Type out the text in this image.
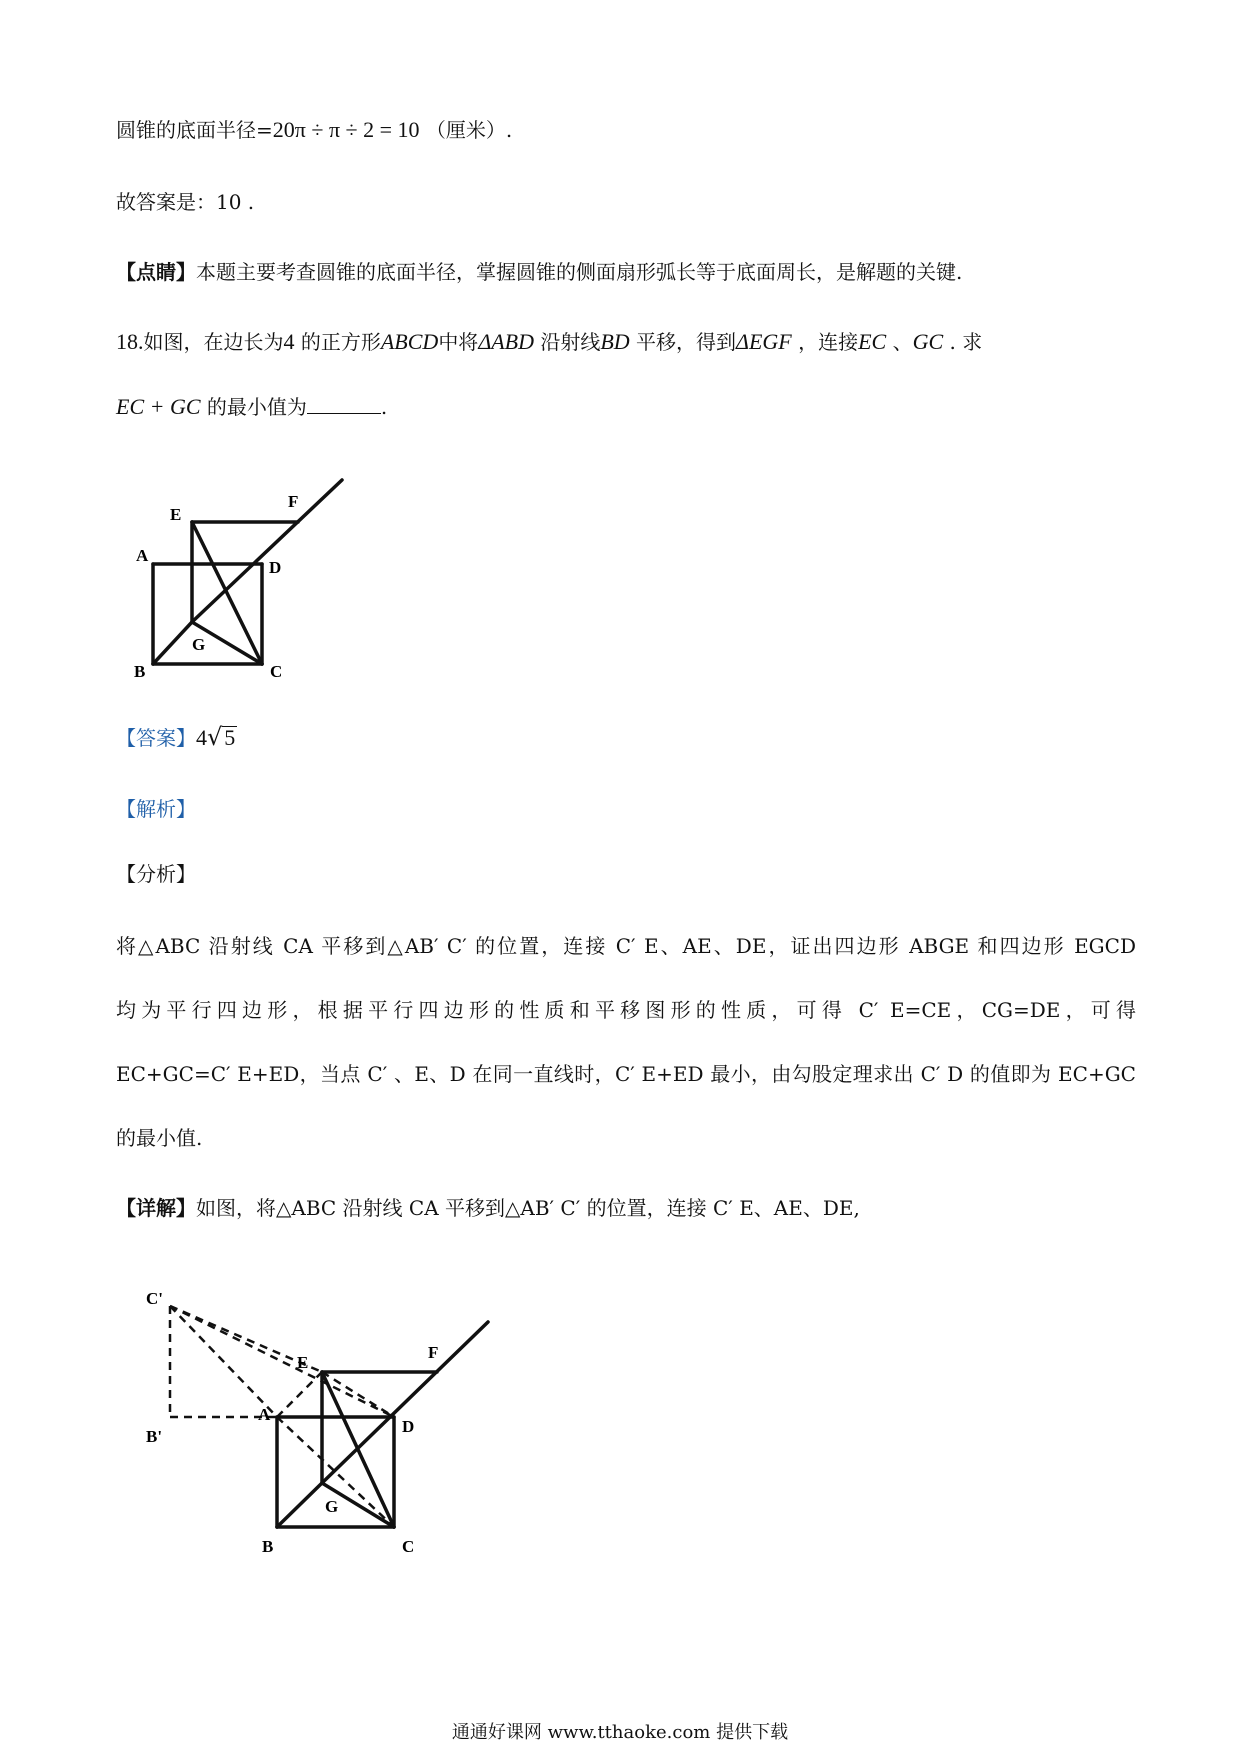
圆锥的底面半径=20π ÷ π ÷ 2 = 10 （厘米）.
故答案是：10 .
【点睛】本题主要考查圆锥的底面半径，掌握圆锥的侧面扇形弧长等于底面周长，是解题的关键.
18.如图，在边长为4 的正方形ABCD中将ΔABD 沿射线BD 平移，得到ΔEGF ，连接EC 、GC . 求
EC + GC 的最小值为	.
A
B	C
D
E
F
G
【答案】4√5
【解析】
【分析】
将△ABC 沿射线 CA 平移到△AB′ C′ 的位置，连接 C′ E、AE、DE，证出四边形 ABGE 和四边形 EGCD
均为平行四边形，根据平行四边形的性质和平移图形的性质，可得 C′ E=CE，CG=DE，可得
EC+GC=C′ E+ED，当点 C′ 、E、D 在同一直线时，C′ E+ED 最小，由勾股定理求出 C′ D 的值即为 EC+GC
的最小值.
【详解】如图，将△ABC 沿射线 CA 平移到△AB′ C′ 的位置，连接 C′ E、AE、DE,
C'
B'
A
B	C
D
E
F
G
通通好课网 www.tthaoke.com 提供下载
